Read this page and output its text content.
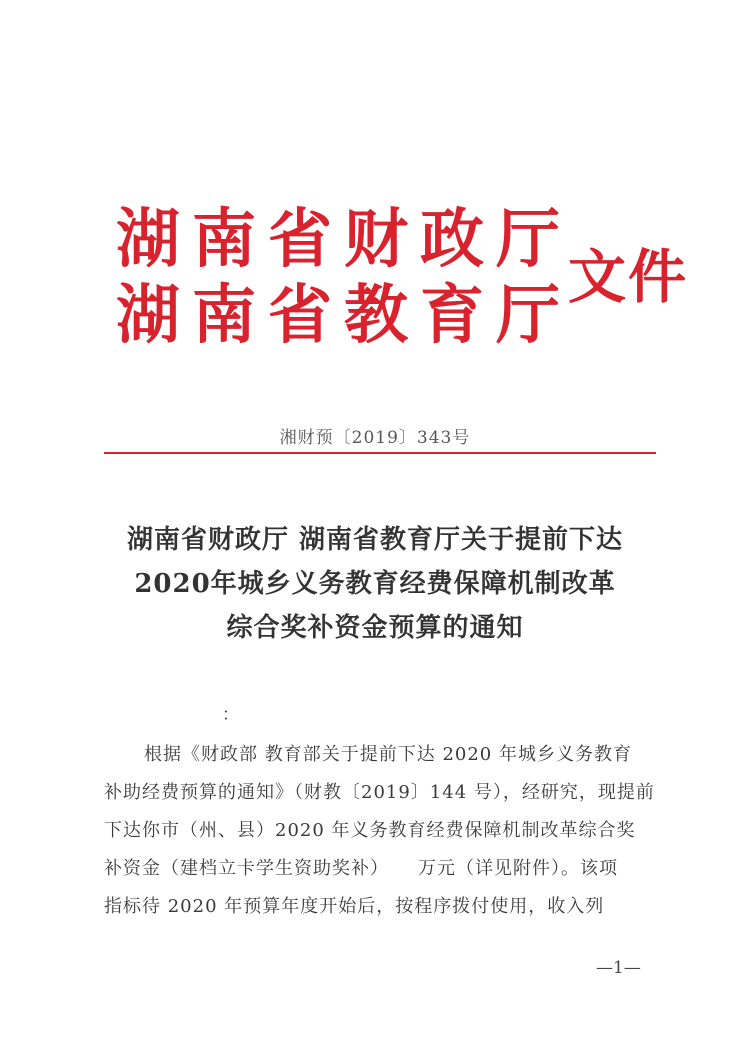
湖南省财政厅
湖南省教育厅
文件
湘财预〔2019〕343号
湖南省财政厅 湖南省教育厅关于提前下达
2020年城乡义务教育经费保障机制改革
综合奖补资金预算的通知
：
根据《财政部 教育部关于提前下达 2020 年城乡义务教育
补助经费预算的通知》（财教〔2019〕144 号），经研究，现提前
下达你市（州、县）2020 年义务教育经费保障机制改革综合奖
补资金（建档立卡学生资助奖补）　　万元（详见附件）。该项
指标待 2020 年预算年度开始后，按程序拨付使用，收入列
—1—
